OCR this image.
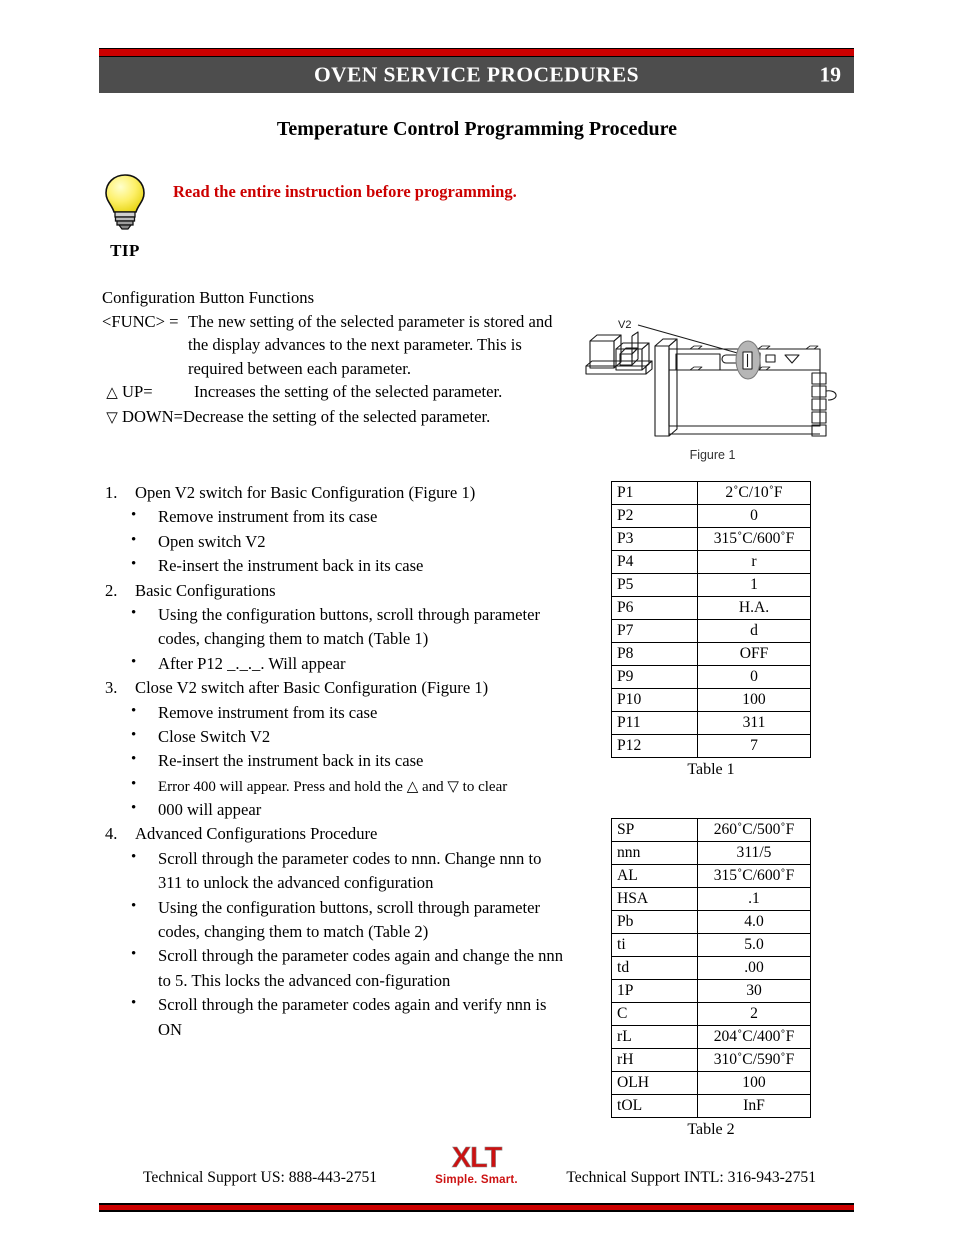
OVEN SERVICE PROCEDURES	19
Temperature Control Programming Procedure
TIP
Read the entire instruction before programming.
Configuration Button Functions
<FUNC> = The new setting of the selected parameter is stored and the display advances to the next parameter. This is required between each parameter.
△ UP= Increases the setting of the selected parameter.
▽ DOWN=Decrease the setting of the selected parameter.
V2
Figure 1
1.	Open V2 switch for Basic Configuration (Figure 1)
• Remove instrument from its case
• Open switch V2
• Re-insert the instrument back in its case
2.	Basic Configurations
• Using the configuration buttons, scroll through parameter codes, changing them to match (Table 1)
• After P12 _._._. Will appear
3.	Close V2 switch after Basic Configuration (Figure 1)
• Remove instrument from its case
• Close Switch V2
• Re-insert the instrument back in its case
• Error 400 will appear. Press and hold the △ and ▽ to clear
• 000 will appear
4.	Advanced Configurations Procedure
• Scroll through the parameter codes to nnn. Change nnn to 311 to unlock the advanced configuration
• Using the configuration buttons, scroll through parameter codes, changing them to match (Table 2)
• Scroll through the parameter codes again and change the nnn to 5. This locks the advanced con-figuration
• Scroll through the parameter codes again and verify nnn is ON
P1	2˚C/10˚F
P2	0
P3	315˚C/600˚F
P4	r
P5	1
P6	H.A.
P7	d
P8	OFF
P9	0
P10	100
P11	311
P12	7
Table 1
SP	260˚C/500˚F
nnn	311/5
AL	315˚C/600˚F
HSA	.1
Pb	4.0
ti	5.0
td	.00
1P	30
C	2
rL	204˚C/400˚F
rH	310˚C/590˚F
OLH	100
tOL	InF
Table 2
Technical Support US: 888-443-2751
XLT
Simple. Smart.	Technical Support INTL: 316-943-2751
